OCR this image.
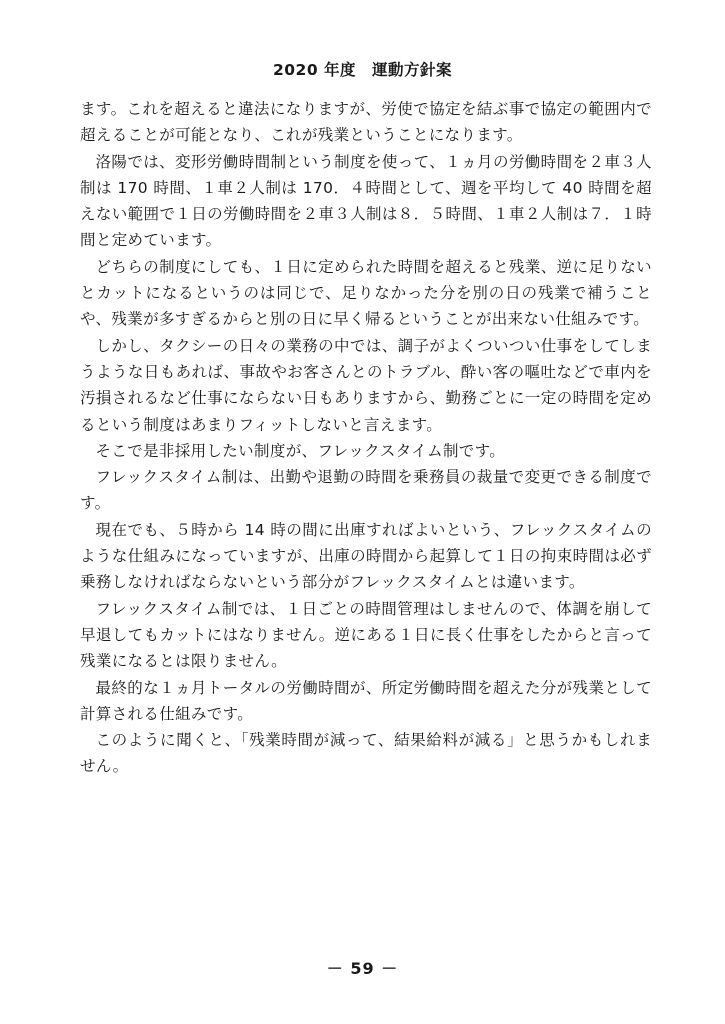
2020 年度　運動方針案

ます。これを超えると違法になりますが、労使で協定を結ぶ事で協定の範囲内で超えることが可能となり、これが残業ということになります。

洛陽では、変形労働時間制という制度を使って、１ヵ月の労働時間を２車３人制は 170 時間、１車２人制は 170．４時間として、週を平均して 40 時間を超えない範囲で１日の労働時間を２車３人制は８．５時間、１車２人制は７．１時間と定めています。

どちらの制度にしても、１日に定められた時間を超えると残業、逆に足りないとカットになるというのは同じで、足りなかった分を別の日の残業で補うことや、残業が多すぎるからと別の日に早く帰るということが出来ない仕組みです。

しかし、タクシーの日々の業務の中では、調子がよくついつい仕事をしてしまうような日もあれば、事故やお客さんとのトラブル、酔い客の嘔吐などで車内を汚損されるなど仕事にならない日もありますから、勤務ごとに一定の時間を定めるという制度はあまりフィットしないと言えます。

そこで是非採用したい制度が、フレックスタイム制です。

フレックスタイム制は、出勤や退勤の時間を乗務員の裁量で変更できる制度です。

現在でも、５時から 14 時の間に出庫すればよいという、フレックスタイムのような仕組みになっていますが、出庫の時間から起算して１日の拘束時間は必ず乗務しなければならないという部分がフレックスタイムとは違います。

フレックスタイム制では、１日ごとの時間管理はしませんので、体調を崩して早退してもカットにはなりません。逆にある１日に長く仕事をしたからと言って残業になるとは限りません。

最終的な１ヵ月トータルの労働時間が、所定労働時間を超えた分が残業として計算される仕組みです。

このように聞くと、「残業時間が減って、結果給料が減る」と思うかもしれません。

－ 59 －
